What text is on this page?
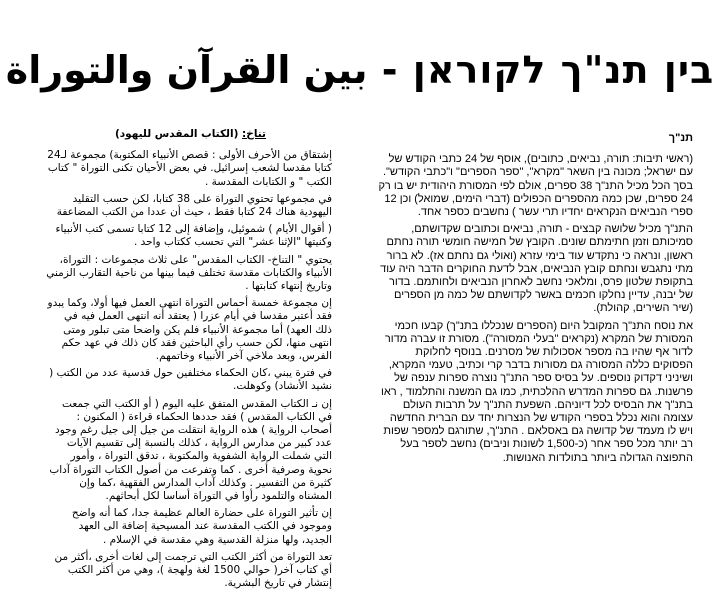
בין תנ"ך לקוראן - بين القرآن والتوراة
تناخ: (الكتاب المقدس لليهود)

إشتقاق من الأحرف الأولى : قصص الأنبياء المكتوبة) مجموعة لـ24 كتابا مقدسا لشعب إسرائيل. في بعض الأحيان تكنى التوراة " كتاب الكتب " و الكتابات المقدسة .

في مجموعها تحتوي التوراة على 38 كتابا، لكن حسب التقليد اليهودية هناك 24 كتابا فقط ، حيث أن عددا من الكتب المضاعفة

( أقوال الأيام ) شموئيل، وإضافة إلى 12 كتابا تسمى كتب الأنبياء وكنيتها "الإثنا عشر" التي تحسب ككتاب واحد .

يحتوي " التناخ- الكتاب المقدس" على ثلاث مجموعات : التوراة، الأنبياء والكتابات مقدسة تختلف فيما بينها من ناحية التقارب الزمني وتاريخ إنتهاء كتابتها .

إن مجموعة خمسة أحماس التوراة انتهى العمل فيها أولا، وكما يبدو فقد أعتبر مقدسا في أيام عزرا ( يعتقد أنه انتهى العمل فيه في ذلك العهد) أما مجموعة الأنبياء فلم يكن واضحا متى تبلور ومتى انتهى منها، لكن حسب رأي الباحثين فقد كان ذلك في عهد حكم الفرس، وبعد ملاخي آخر الأنبياء وخاتمهم.

في فترة يبني ،كان الحكماء مختلفين حول قدسية عدد من الكتب ( نشيد الأنشاد) وكوهلت.

إن نـ الكتاب المقدس المتفق عليه اليوم ( أو الكتب التي جمعت في الكتاب المقدس ) فقد حددها الحكماء قراءة ( المكنون : أصحاب الرواية ) هذه الرواية انتقلت من جيل إلى جيل رغم وجود عدد كبير من مدارس الرواية ، كذلك بالنسبة إلى تقسيم الآيات التي شملت الرواية الشفوية والمكتوبة ، تدقق التوراة ، وأمور نحوية وصرفية أخرى . كما وتفرعت من أصول الكتاب التوراة آداب كثيرة من التفسير . وكذلك آداب المدارس الفقهية ،كما وإن المشناه والتلمود رأوا في التوراة أساسا لكل أبحاثهم.

إن تأثير التوراة على حضارة العالم عظيمة جدا، كما أنه واضح وموجود في الكتب المقدسة عند المسيحية إضافة الى العهد الجديد، ولها منزلة القدسية وهي مقدسة في الإسلام .

تعد التوراة من أكثر الكتب التي ترجمت إلى لغات أخرى ،أكثر من أي كتاب آخر( حوالي 1500 لغة ولهجة )، وهي من أكثر الكتب إنتشار في تاريخ البشرية.

תנ"ך

(ראשי תיבות: תורה, נביאים, כתובים), אוסף של 24 כתבי הקודש של עם ישראל; מכונה בין השאר "מקרא", "ספר הספרים" ו"כתבי הקודש". בסך הכל מכיל התנ"ך 38 ספרים, אולם לפי המסורת היהודית יש בו רק 24 ספרים, שכן כמה מהספרים הכפולים (דברי הימים, שמואל) וכן 12 ספרי הנביאים הנקראים יחדיו תרי עשר ) נחשבים כספר אחד.

התנ"ך מכיל שלושה קבצים - תורה, נביאים וכתובים שקדושתם, סמיכותם וזמן חתימתם שונים. הקובץ של חמישה חומשי תורה נחתם ראשון, ונראה כי נתקדש עוד בימי עזרא (ואולי גם נחתם אז). לא ברור מתי נתגבש ונחתם קובץ הנביאים, אבל לדעת החוקרים הדבר היה עוד בתקופת שלטון פרס, ומלאכי נחשב לאחרון הנביאים ולחותמם. בדור של יבנה, עדיין נחלקו חכמים באשר לקדושתם של כמה מן הספרים (שיר השירים, קהולת).

את נוסח התנ"ך המקובל היום (הספרים שנכללו בתנ"ך) קבעו חכמי המסורת של המקרא (נקראים "בעלי המסורה"). מסורת זו עברה מדור לדור אף שהיו בה מספר אסכולות של מסרנים. בנוסף לחלוקת הפסוקים כללה המסורה גם מסורות בדבר קרי וכתיב, טעמי המקרא, ושיניני דקדוק נוספים. על בסיס ספר התנ"ך נוצרה ספרות ענפה של פרשנות. גם ספרות המדרש ההלכתית, כמו גם המשנה והתלמוד , ראו בתנ"ך את הבסיס לכל דיוניהם. השפעת התנ"ך על תרבות העולם עצומה והוא נכלל בספרי הקודש של הנצרות יחד עם הברית החדשה ויש לו מעמד של קדושה גם באסלאם . התנ"ך, שתורגם למספר שפות רב יותר מכל ספר אחר (כ-1,500 לשונות וניבים) נחשב לספר בעל התפוצה הגדולה ביותר בתולדות האנושות.
